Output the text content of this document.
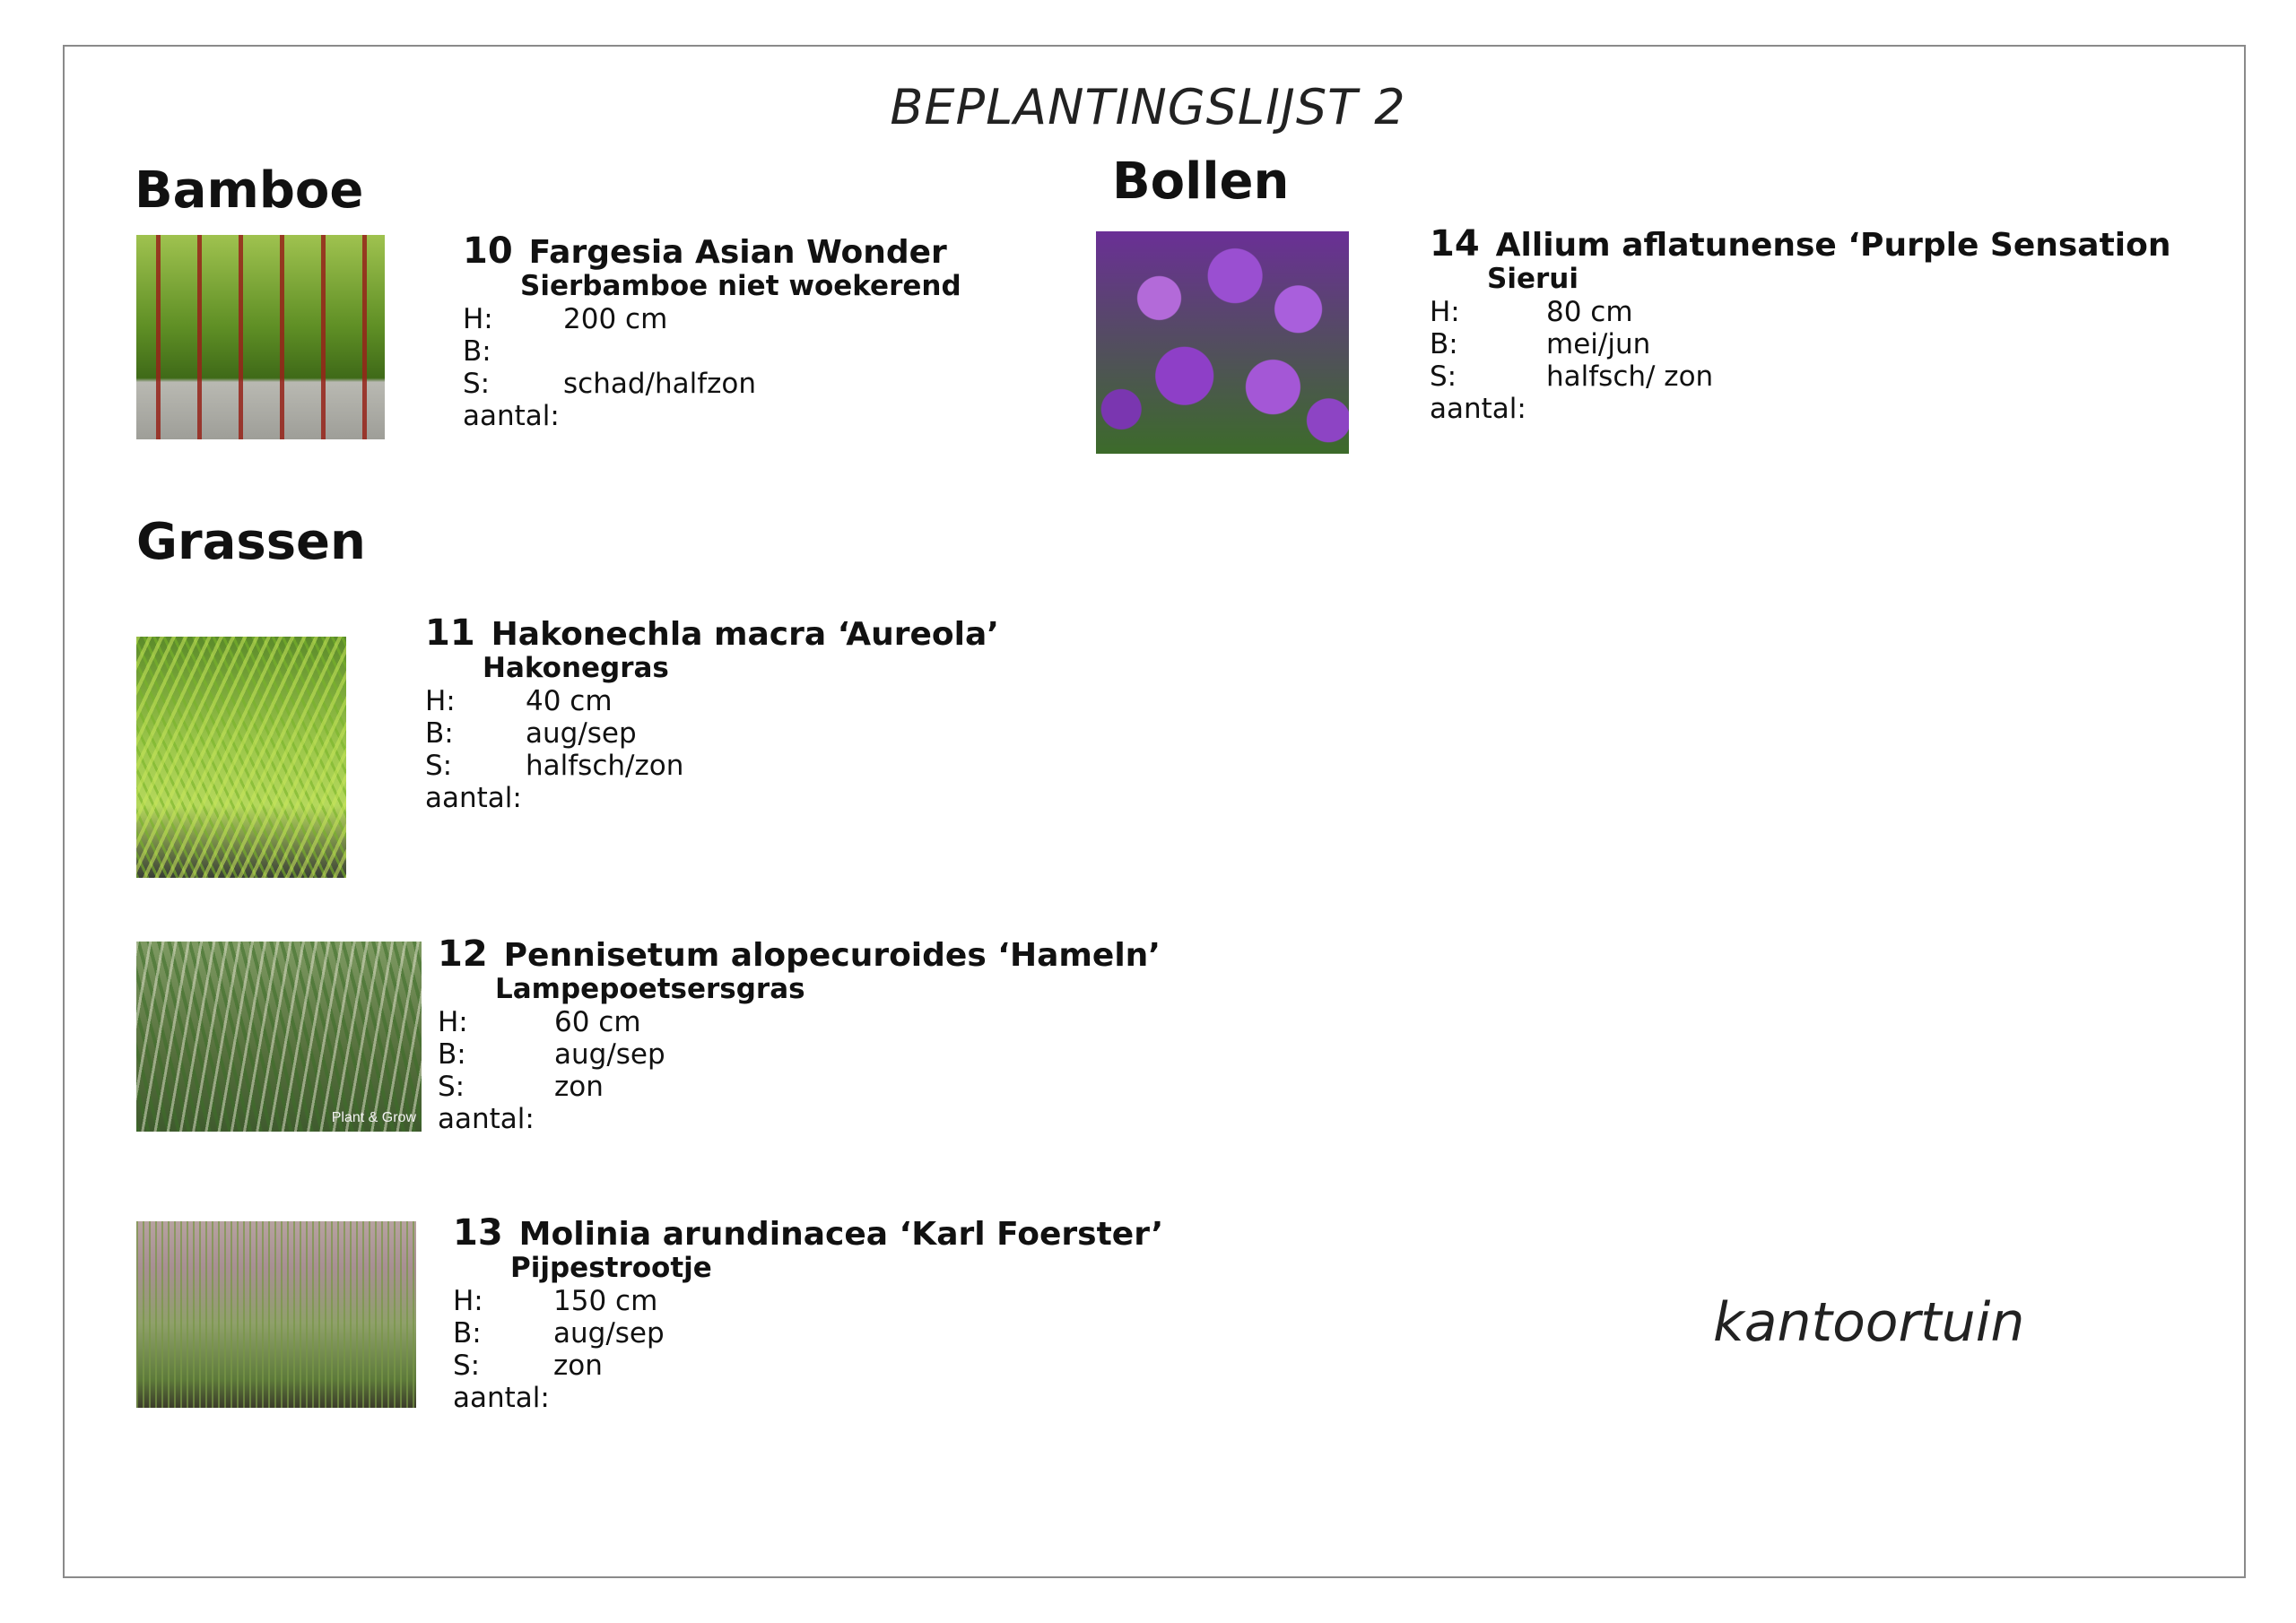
BEPLANTINGSLIJST 2
Bamboe
10 Fargesia Asian Wonder
Sierbamboe niet woekerend
H:	200 cm
B:
S:	schad/halfzon
aantal:
Grassen
11 Hakonechla macra ‘Aureola’
Hakonegras
H:	40 cm
B:	aug/sep
S:	halfsch/zon
aantal:
Plant & Grow
12 Pennisetum alopecuroides ‘Hameln’
Lampepoetsersgras
H:	60 cm
B:	aug/sep
S:	zon
aantal:
13 Molinia arundinacea ‘Karl Foerster’
Pijpestrootje
H:	150 cm
B:	aug/sep
S:	zon
aantal:
Bollen
14 Allium aflatunense ‘Purple Sensation
Sierui
H:	80 cm
B:	mei/jun
S:	halfsch/ zon
aantal:
kantoortuin
